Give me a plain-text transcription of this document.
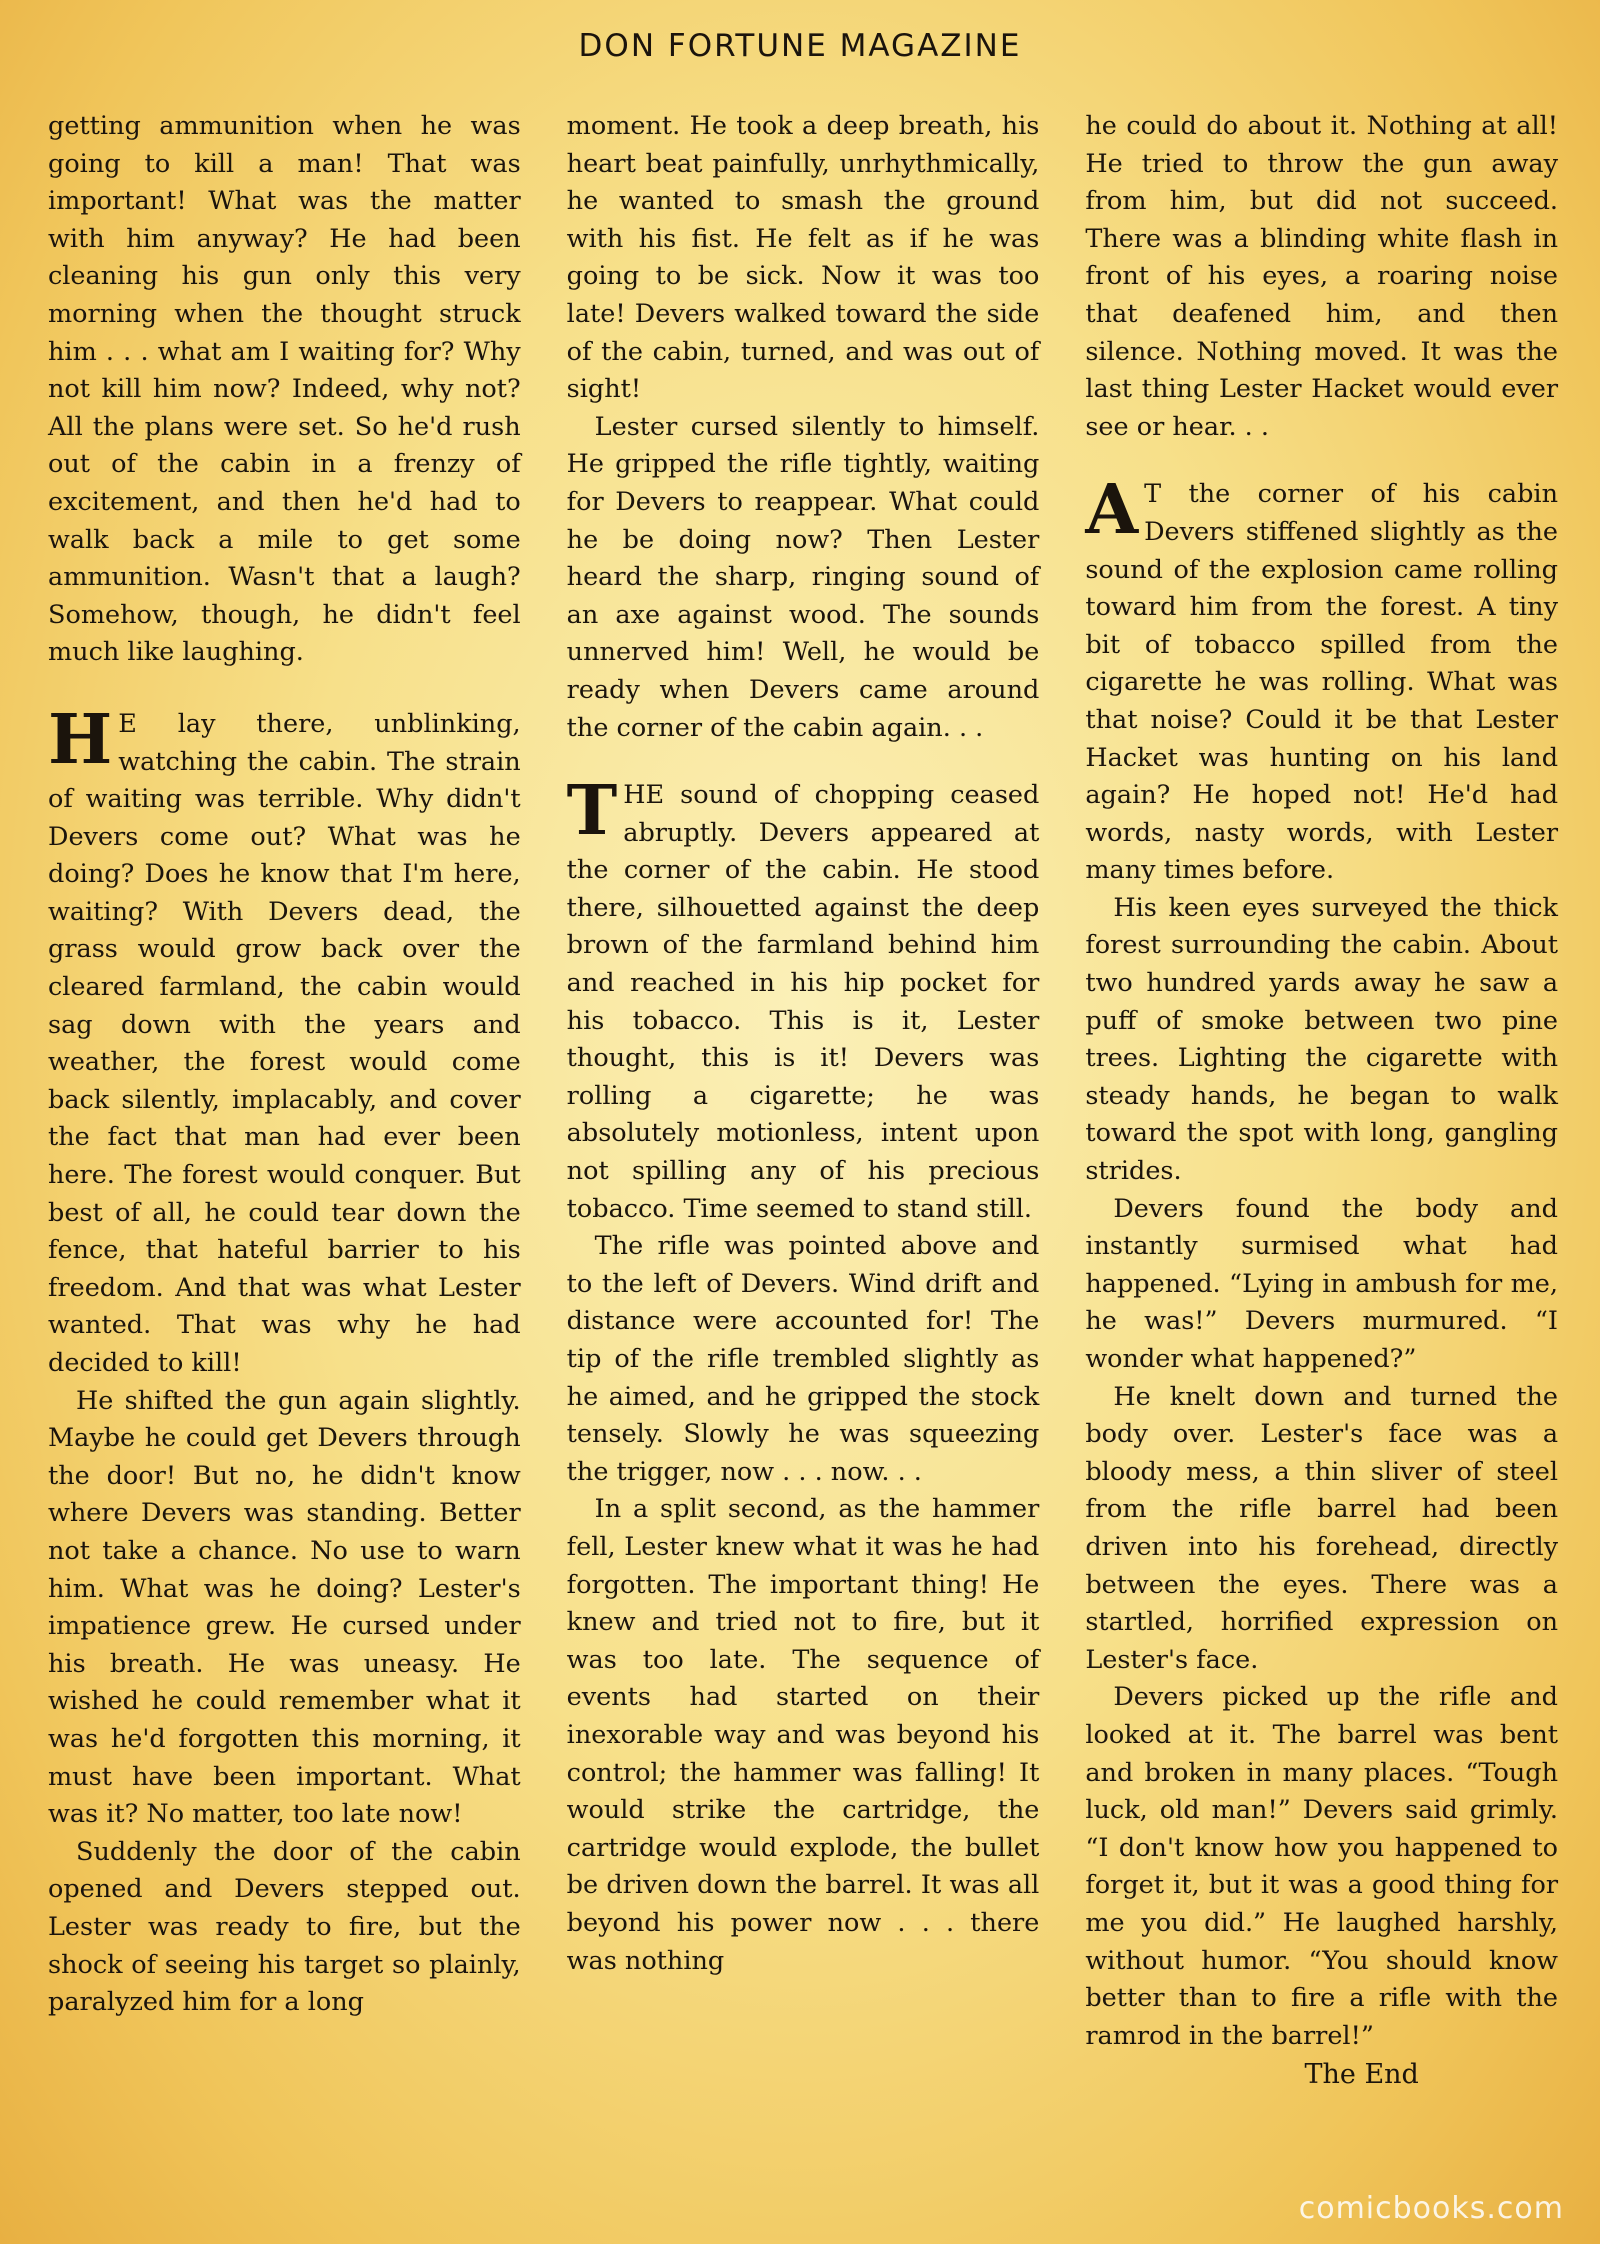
DON FORTUNE MAGAZINE

getting ammunition when he was going to kill a man! That was important! What was the matter with him anyway? He had been cleaning his gun only this very morning when the thought struck him . . . what am I waiting for? Why not kill him now? Indeed, why not? All the plans were set. So he'd rush out of the cabin in a frenzy of excitement, and then he'd had to walk back a mile to get some ammunition. Wasn't that a laugh? Somehow, though, he didn't feel much like laughing.

H E lay there, unblinking, watching the cabin. The strain of waiting was terrible. Why didn't Devers come out? What was he doing? Does he know that I'm here, waiting? With Devers dead, the grass would grow back over the cleared farmland, the cabin would sag down with the years and weather, the forest would come back silently, implacably, and cover the fact that man had ever been here. The forest would conquer. But best of all, he could tear down the fence, that hateful barrier to his freedom. And that was what Lester wanted. That was why he had decided to kill!

He shifted the gun again slightly. Maybe he could get Devers through the door! But no, he didn't know where Devers was standing. Better not take a chance. No use to warn him. What was he doing? Lester's impatience grew. He cursed under his breath. He was uneasy. He wished he could remember what it was he'd forgotten this morning, it must have been important. What was it? No matter, too late now!

Suddenly the door of the cabin opened and Devers stepped out. Lester was ready to fire, but the shock of seeing his target so plainly, paralyzed him for a long

moment. He took a deep breath, his heart beat painfully, unrhythmically, he wanted to smash the ground with his fist. He felt as if he was going to be sick. Now it was too late! Devers walked toward the side of the cabin, turned, and was out of sight!

Lester cursed silently to himself. He gripped the rifle tightly, waiting for Devers to reappear. What could he be doing now? Then Lester heard the sharp, ringing sound of an axe against wood. The sounds unnerved him! Well, he would be ready when Devers came around the corner of the cabin again. . .

THE sound of chopping ceased abruptly. Devers appeared at the corner of the cabin. He stood there, silhouetted against the deep brown of the farmland behind him and reached in his hip pocket for his tobacco. This is it, Lester thought, this is it! Devers was rolling a cigarette; he was absolutely motionless, intent upon not spilling any of his precious tobacco. Time seemed to stand still.

The rifle was pointed above and to the left of Devers. Wind drift and distance were accounted for! The tip of the rifle trembled slightly as he aimed, and he gripped the stock tensely. Slowly he was squeezing the trigger, now . . . now. . .

In a split second, as the hammer fell, Lester knew what it was he had forgotten. The important thing! He knew and tried not to fire, but it was too late. The sequence of events had started on their inexorable way and was beyond his control; the hammer was falling! It would strike the cartridge, the cartridge would explode, the bullet be driven down the barrel. It was all beyond his power now . . . there was nothing

he could do about it. Nothing at all! He tried to throw the gun away from him, but did not succeed. There was a blinding white flash in front of his eyes, a roaring noise that deafened him, and then silence. Nothing moved. It was the last thing Lester Hacket would ever see or hear. . .

A T the corner of his cabin Devers stiffened slightly as the sound of the explosion came rolling toward him from the forest. A tiny bit of tobacco spilled from the cigarette he was rolling. What was that noise? Could it be that Lester Hacket was hunting on his land again? He hoped not! He'd had words, nasty words, with Lester many times before.

His keen eyes surveyed the thick forest surrounding the cabin. About two hundred yards away he saw a puff of smoke between two pine trees. Lighting the cigarette with steady hands, he began to walk toward the spot with long, gangling strides.

Devers found the body and instantly surmised what had happened. “Lying in ambush for me, he was!” Devers murmured. “I wonder what happened?”

He knelt down and turned the body over. Lester's face was a bloody mess, a thin sliver of steel from the rifle barrel had been driven into his forehead, directly between the eyes. There was a startled, horrified expression on Lester's face.

Devers picked up the rifle and looked at it. The barrel was bent and broken in many places. “Tough luck, old man!” Devers said grimly. “I don't know how you happened to forget it, but it was a good thing for me you did.” He laughed harshly, without humor. “You should know better than to fire a rifle with the ramrod in the barrel!”

The End
comicbooks.com
